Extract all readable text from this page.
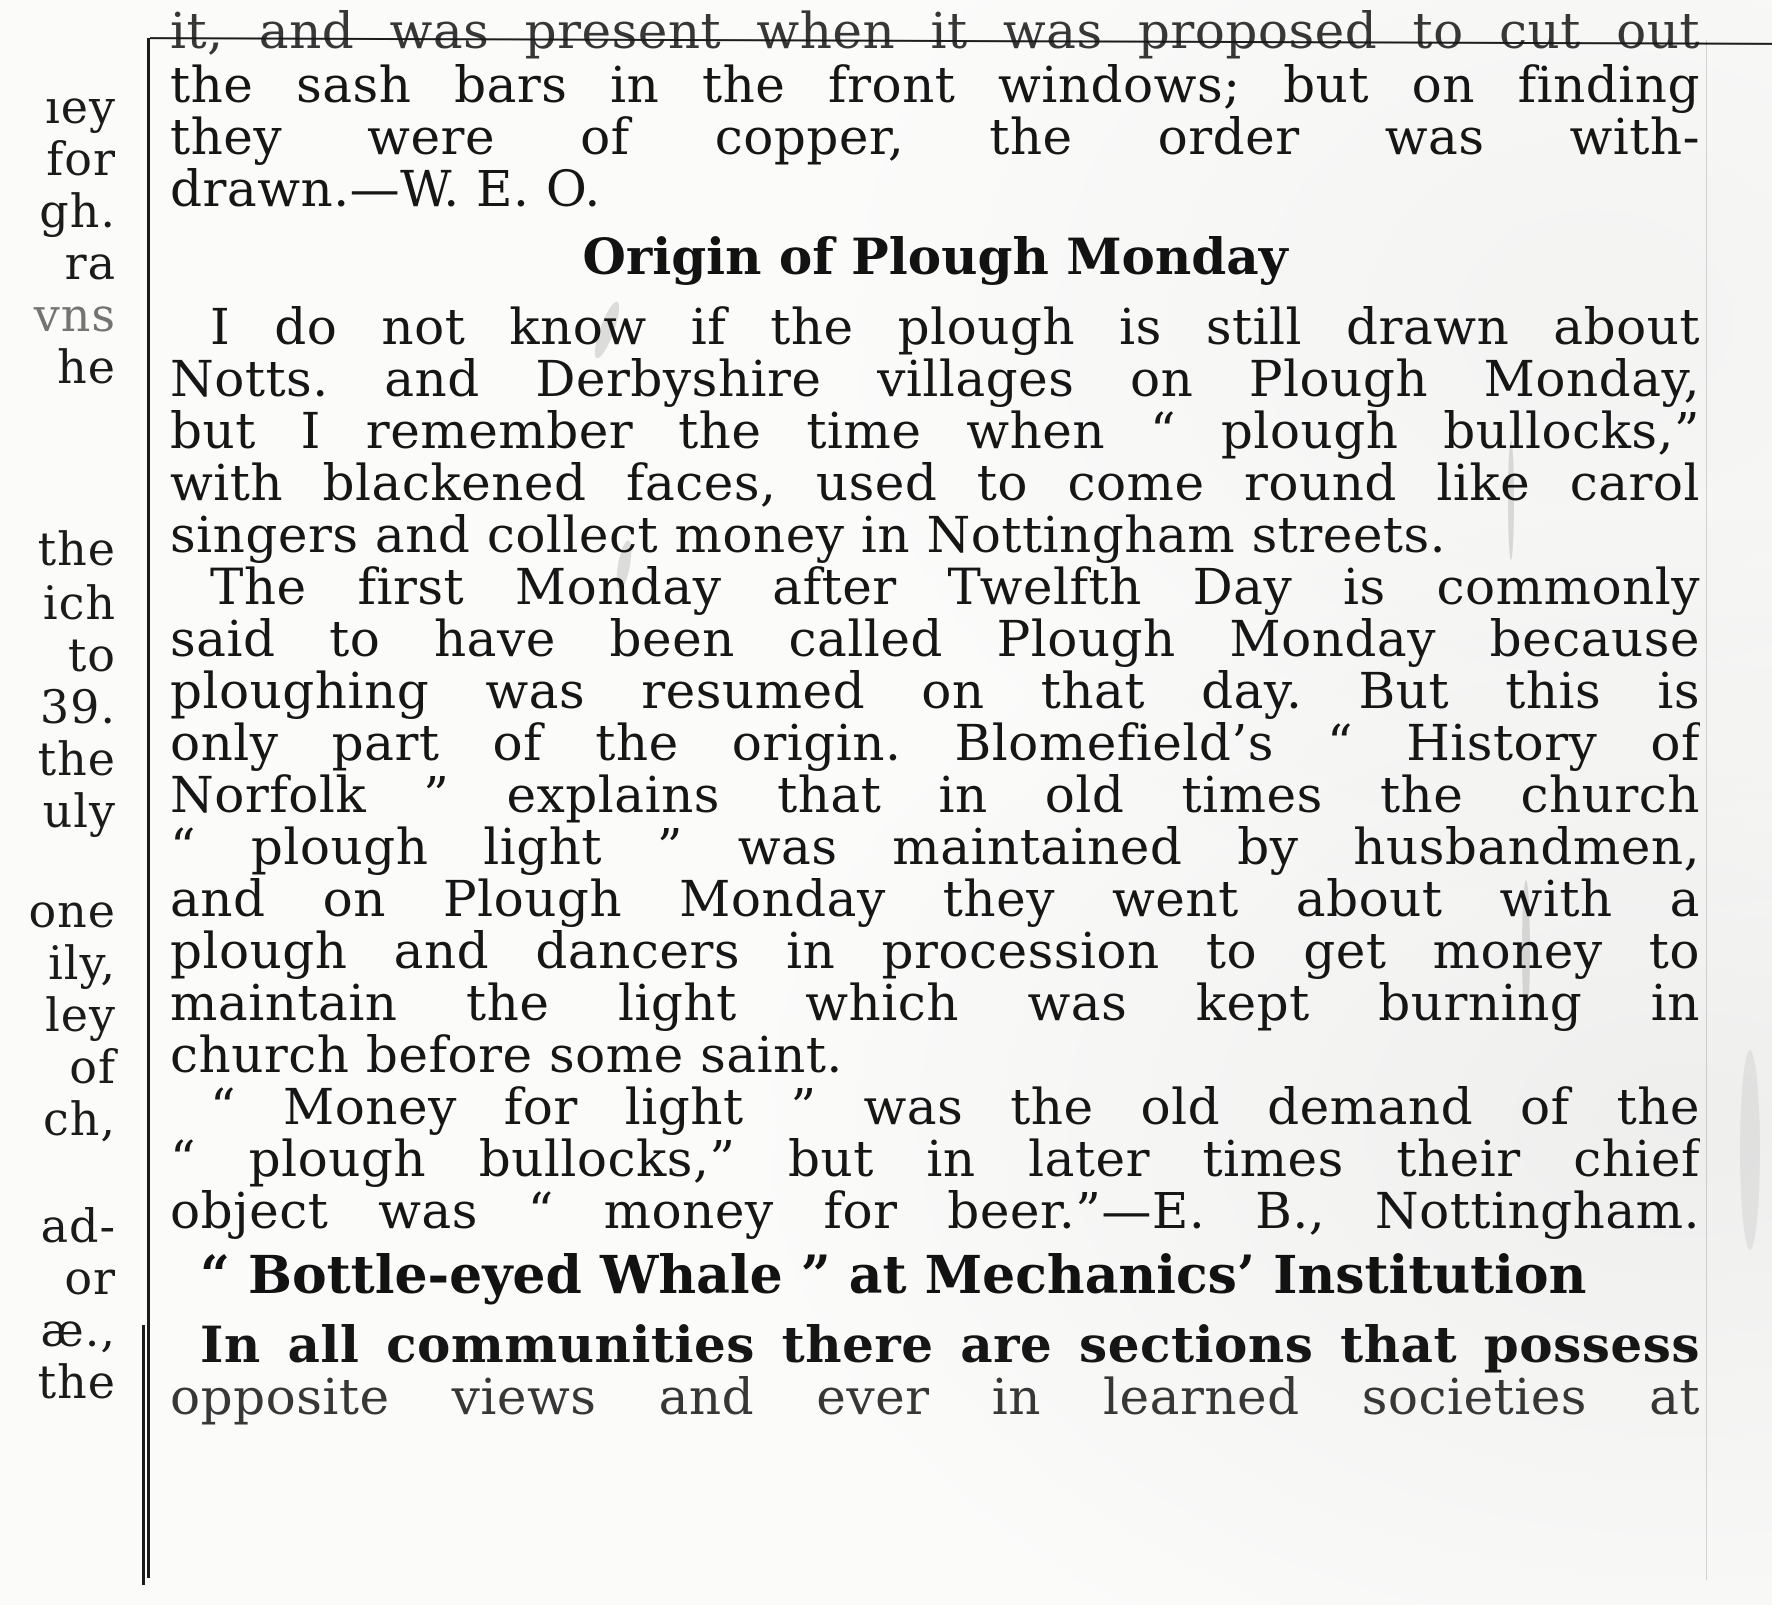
ıey
for
gh.
ra
vns
he
the
ich
to
39.
the
uly
one
ily,
ley
of
ch,
ad-
or
æ.,
the
it, and was present when it was proposed to cut out
the sash bars in the front windows; but on finding
they were of copper, the order was with-
drawn.—W. E. O.
Origin of Plough Monday
I do not know if the plough is still drawn about
Notts. and Derbyshire villages on Plough Monday,
but I remember the time when “ plough bullocks,”
with blackened faces, used to come round like carol
singers and collect money in Nottingham streets.
The first Monday after Twelfth Day is commonly
said to have been called Plough Monday because
ploughing was resumed on that day. But this is
only part of the origin. Blomefield’s “ History of
Norfolk ” explains that in old times the church
“ plough light ” was maintained by husbandmen,
and on Plough Monday they went about with a
plough and dancers in procession to get money to
maintain the light which was kept burning in
church before some saint.
“ Money for light ” was the old demand of the
“ plough bullocks,” but in later times their chief
object was “ money for beer.”—E. B., Nottingham.
“ Bottle-eyed Whale ” at Mechanics’ Institution
In all communities there are sections that possess
opposite views and ever in learned societies at
